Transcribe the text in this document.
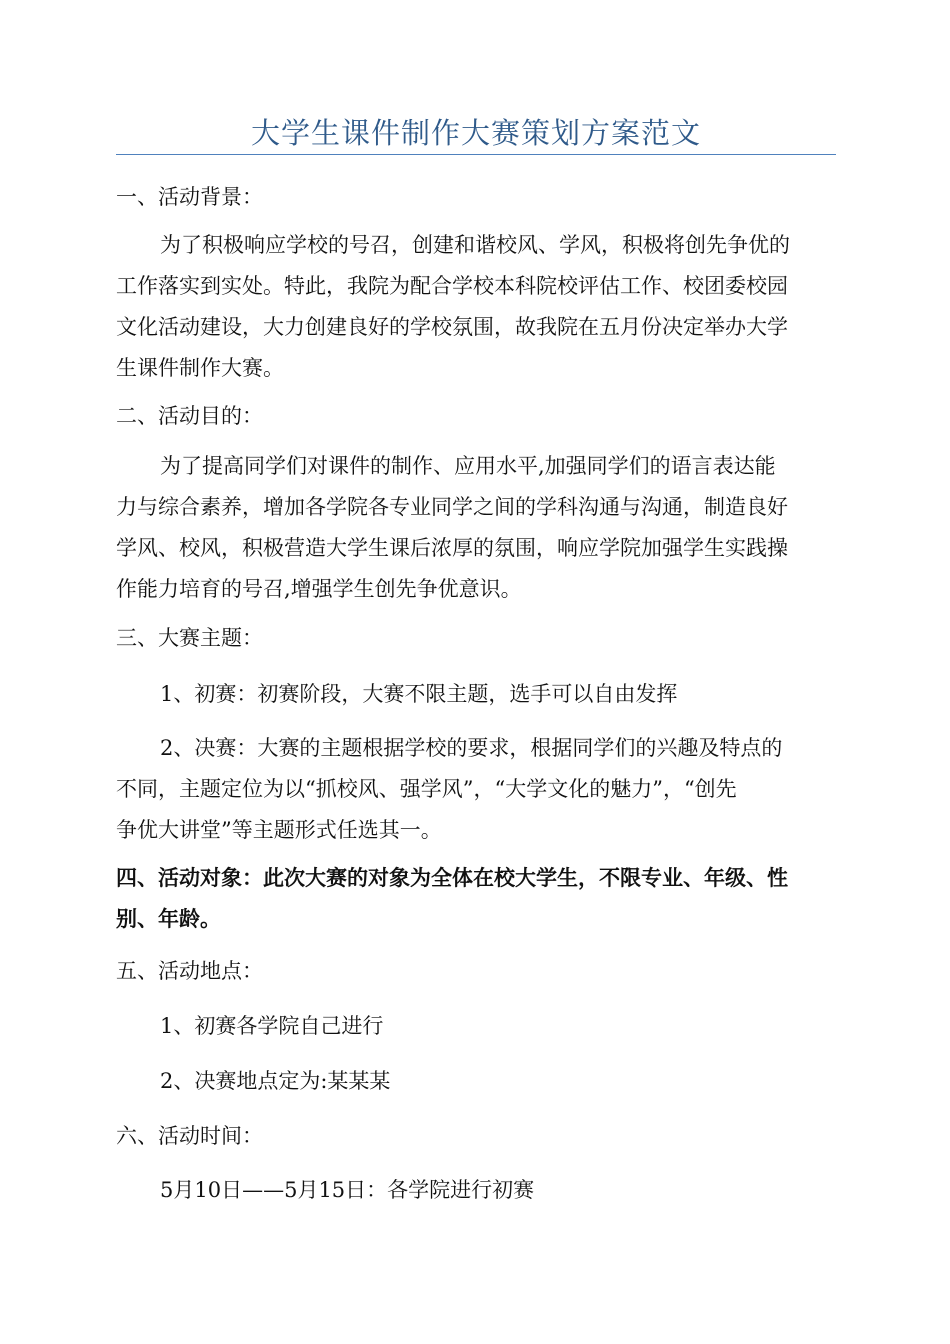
大学生课件制作大赛策划方案范文
一、活动背景：
为了积极响应学校的号召，创建和谐校风、学风，积极将创先争优的
工作落实到实处。特此，我院为配合学校本科院校评估工作、校团委校园
文化活动建设，大力创建良好的学校氛围，故我院在五月份决定举办大学
生课件制作大赛。
二、活动目的：
为了提高同学们对课件的制作、应用水平,加强同学们的语言表达能
力与综合素养，增加各学院各专业同学之间的学科沟通与沟通，制造良好
学风、校风，积极营造大学生课后浓厚的氛围，响应学院加强学生实践操
作能力培育的号召,增强学生创先争优意识。
三、大赛主题：
1、初赛：初赛阶段，大赛不限主题，选手可以自由发挥
2、决赛：大赛的主题根据学校的要求，根据同学们的兴趣及特点的
不同，主题定位为以“抓校风、强学风”，“大学文化的魅力”，“创先
争优大讲堂”等主题形式任选其一。
四、活动对象：此次大赛的对象为全体在校大学生，不限专业、年级、性
别、年龄。
五、活动地点：
1、初赛各学院自己进行
2、决赛地点定为:某某某
六、活动时间：
5月10日——5月15日：各学院进行初赛
